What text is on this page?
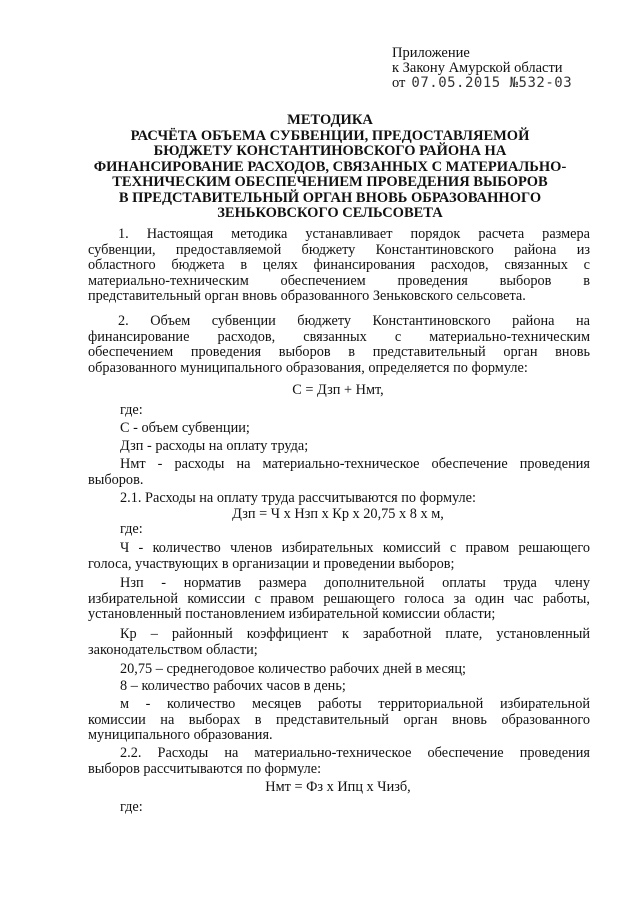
Приложение
к Закону Амурской области
от 07.05.2015 №532-03
МЕТОДИКА
РАСЧЁТА ОБЪЕМА СУБВЕНЦИИ, ПРЕДОСТАВЛЯЕМОЙ
БЮДЖЕТУ КОНСТАНТИНОВСКОГО РАЙОНА НА
ФИНАНСИРОВАНИЕ РАСХОДОВ, СВЯЗАННЫХ С МАТЕРИАЛЬНО-
ТЕХНИЧЕСКИМ ОБЕСПЕЧЕНИЕМ ПРОВЕДЕНИЯ ВЫБОРОВ
В ПРЕДСТАВИТЕЛЬНЫЙ ОРГАН ВНОВЬ ОБРАЗОВАННОГО
ЗЕНЬКОВСКОГО СЕЛЬСОВЕТА
1. Настоящая методика устанавливает порядок расчета размера
субвенции, предоставляемой бюджету Константиновского района из
областного бюджета в целях финансирования расходов, связанных с
материально-техническим обеспечением проведения выборов в
представительный орган вновь образованного Зеньковского сельсовета.
2. Объем субвенции бюджету Константиновского района на
финансирование расходов, связанных с материально-техническим
обеспечением проведения выборов в представительный орган вновь
образованного муниципального образования, определяется по формуле:
С = Дзп + Нмт,
где:
С - объем субвенции;
Дзп - расходы на оплату труда;
Нмт - расходы на материально-техническое обеспечение проведения
выборов.
2.1. Расходы на оплату труда рассчитываются по формуле:
Дзп = Ч х Нзп х Кр х 20,75 х 8 х м,
где:
Ч - количество членов избирательных комиссий с правом решающего
голоса, участвующих в организации и проведении выборов;
Нзп - норматив размера дополнительной оплаты труда члену
избирательной комиссии с правом решающего голоса за один час работы,
установленный постановлением избирательной комиссии области;
Кр – районный коэффициент к заработной плате, установленный
законодательством области;
20,75 – среднегодовое количество рабочих дней в месяц;
8 – количество рабочих часов в день;
м - количество месяцев работы территориальной избирательной
комиссии на выборах в представительный орган вновь образованного
муниципального образования.
2.2. Расходы на материально-техническое обеспечение проведения
выборов рассчитываются по формуле:
Нмт = Фз х Ипц х Чизб,
где:
